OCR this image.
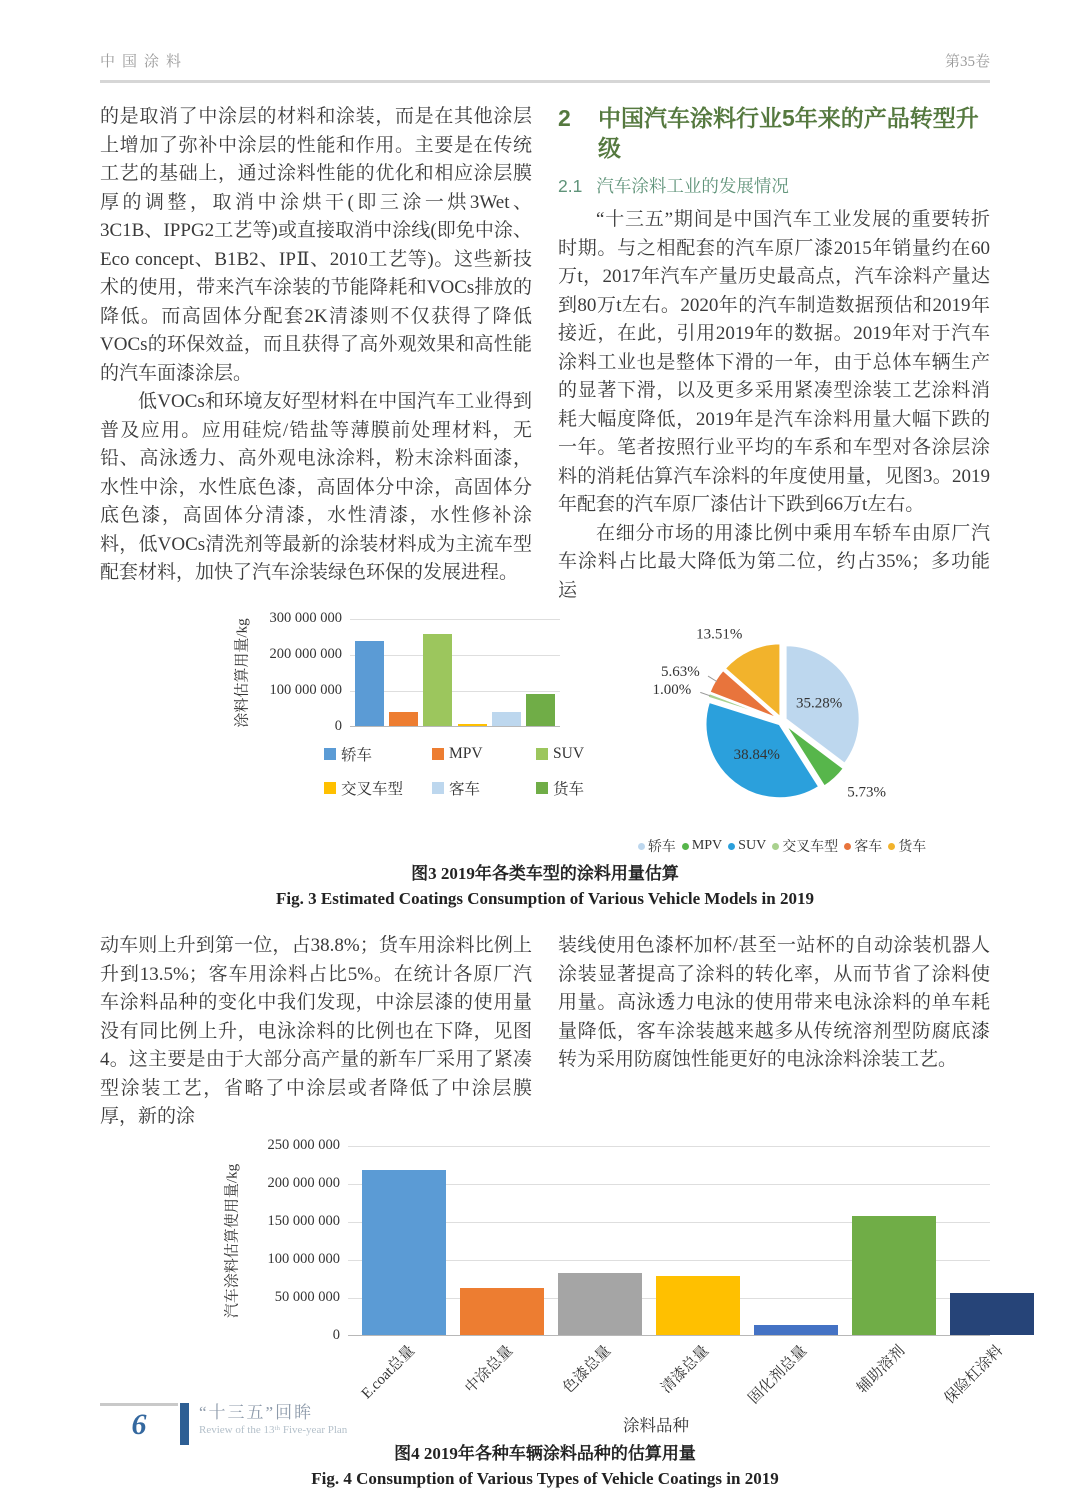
中国涂料	第35卷

的是取消了中涂层的材料和涂装，而是在其他涂层上增加了弥补中涂层的性能和作用。主要是在传统工艺的基础上，通过涂料性能的优化和相应涂层膜厚的调整，取消中涂烘干(即三涂一烘3Wet、3C1B、IPPG2工艺等)或直接取消中涂线(即免中涂、Eco concept、B1B2、IPⅡ、2010工艺等)。这些新技术的使用，带来汽车涂装的节能降耗和VOCs排放的降低。而高固体分配套2K清漆则不仅获得了降低VOCs的环保效益，而且获得了高外观效果和高性能的汽车面漆涂层。

低VOCs和环境友好型材料在中国汽车工业得到普及应用。应用硅烷/锆盐等薄膜前处理材料，无铅、高泳透力、高外观电泳涂料，粉末涂料面漆，水性中涂，水性底色漆，高固体分中涂，高固体分底色漆，高固体分清漆，水性清漆，水性修补涂料，低VOCs清洗剂等最新的涂装材料成为主流车型配套材料，加快了汽车涂装绿色环保的发展进程。

2	中国汽车涂料行业5年来的产品转型升级
2.1 汽车涂料工业的发展情况

“十三五”期间是中国汽车工业发展的重要转折时期。与之相配套的汽车原厂漆2015年销量约在60万t，2017年汽车产量历史最高点，汽车涂料产量达到80万t左右。2020年的汽车制造数据预估和2019年接近，在此，引用2019年的数据。2019年对于汽车涂料工业也是整体下滑的一年，由于总体车辆生产的显著下滑，以及更多采用紧凑型涂装工艺涂料消耗大幅度降低，2019年是汽车涂料用量大幅下跌的一年。笔者按照行业平均的车系和车型对各涂层涂料的消耗估算汽车涂料的年度使用量，见图3。2019年配套的汽车原厂漆估计下跌到66万t左右。

在细分市场的用漆比例中乘用车轿车由原厂汽车涂料占比最大降低为第二位，约占35%；多功能运

涂料估算用量/kg
300 000 000
200 000 000
100 000 000
0
轿车	MPV	SUV
交叉车型	客车	货车
35.28%
5.73%
38.84%
1.00%
5.63%
13.51%
轿车	MPV	SUV	交叉车型	客车	货车
图3 2019年各类车型的涂料用量估算
Fig. 3 Estimated Coatings Consumption of Various Vehicle Models in 2019

动车则上升到第一位，占38.8%；货车用涂料比例上升到13.5%；客车用涂料占比5%。在统计各原厂汽车涂料品种的变化中我们发现，中涂层漆的使用量没有同比例上升，电泳涂料的比例也在下降，见图4。这主要是由于大部分高产量的新车厂采用了紧凑型涂装工艺，省略了中涂层或者降低了中涂层膜厚，新的涂

装线使用色漆杯加杯/甚至一站杯的自动涂装机器人涂装显著提高了涂料的转化率，从而节省了涂料使用量。高泳透力电泳的使用带来电泳涂料的单车耗量降低，客车涂装越来越多从传统溶剂型防腐底漆转为采用防腐蚀性能更好的电泳涂料涂装工艺。

汽车涂料估算使用量/kg
250 000 000
200 000 000
150 000 000
100 000 000
50 000 000
0
E.coat总量	中涂总量	色漆总量	清漆总量 固化剂总量	辅助溶剂 保险杠涂料
涂料品种
图4 2019年各种车辆涂料品种的估算用量
Fig. 4 Consumption of Various Types of Vehicle Coatings in 2019
6	“十三五”回眸
Review of the 13ᵗʰ Five-year Plan
